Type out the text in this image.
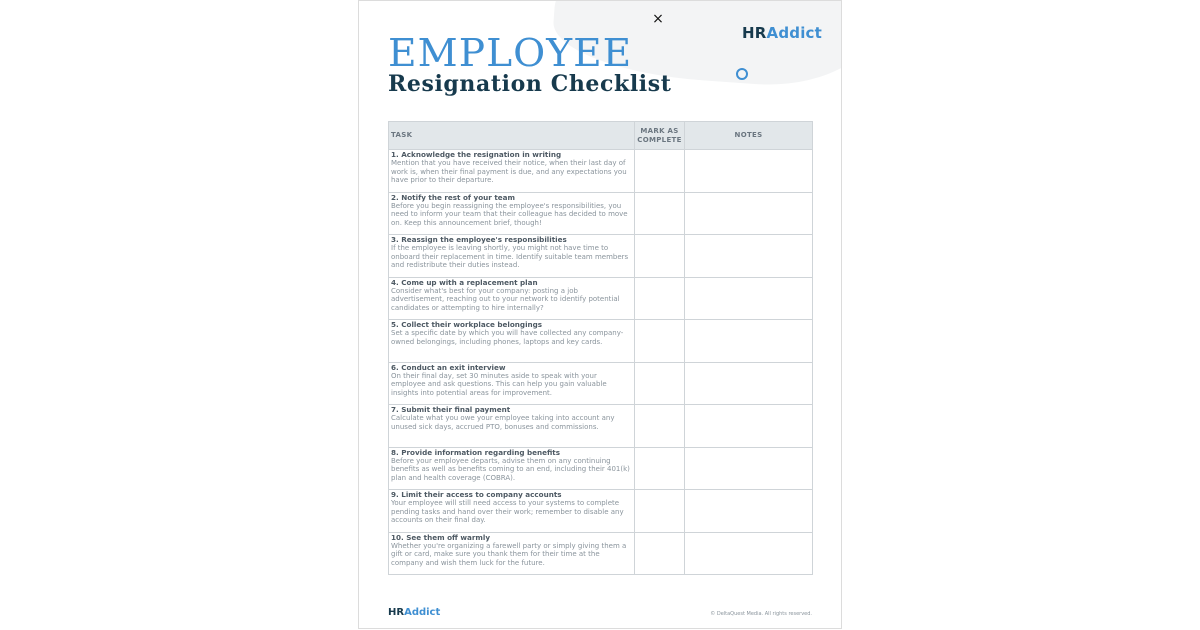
×
HRAddict
EMPLOYEE
Resignation Checklist
TASK	MARK AS COMPLETE	NOTES

1. Acknowledge the resignation in writing
Mention that you have received their notice, when their last day of work is, when their final payment is due, and any expectations you have prior to their departure.		

2. Notify the rest of your team
Before you begin reassigning the employee's responsibilities, you need to inform your team that their colleague has decided to move on. Keep this announcement brief, though!		

3. Reassign the employee's responsibilities
If the employee is leaving shortly, you might not have time to onboard their replacement in time. Identify suitable team members and redistribute their duties instead.		

4. Come up with a replacement plan
Consider what's best for your company: posting a job advertisement, reaching out to your network to identify potential candidates or attempting to hire internally?		

5. Collect their workplace belongings
Set a specific date by which you will have collected any company-owned belongings, including phones, laptops and key cards.		

6. Conduct an exit interview
On their final day, set 30 minutes aside to speak with your employee and ask questions. This can help you gain valuable insights into potential areas for improvement.		

7. Submit their final payment
Calculate what you owe your employee taking into account any unused sick days, accrued PTO, bonuses and commissions.		

8. Provide information regarding benefits
Before your employee departs, advise them on any continuing benefits as well as benefits coming to an end, including their 401(k) plan and health coverage (COBRA).		

9. Limit their access to company accounts
Your employee will still need access to your systems to complete pending tasks and hand over their work; remember to disable any accounts on their final day.		

10. See them off warmly
Whether you're organizing a farewell party or simply giving them a gift or card, make sure you thank them for their time at the company and wish them luck for the future.		

HRAddict	© DeltaQuest Media. All rights reserved.
